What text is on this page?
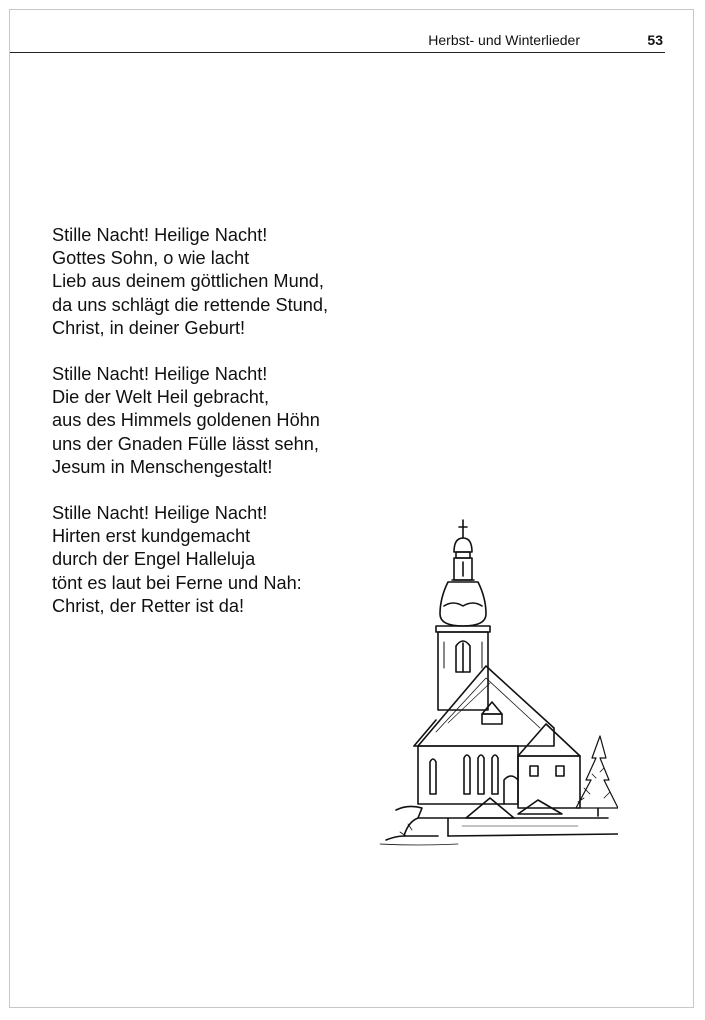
Herbst- und Winterlieder	53
Stille Nacht! Heilige Nacht!
Gottes Sohn, o wie lacht
Lieb aus deinem göttlichen Mund,
da uns schlägt die rettende Stund,
Christ, in deiner Geburt!
Stille Nacht! Heilige Nacht!
Die der Welt Heil gebracht,
aus des Himmels goldenen Höhn
uns der Gnaden Fülle lässt sehn,
Jesum in Menschengestalt!
Stille Nacht! Heilige Nacht!
Hirten erst kundgemacht
durch der Engel Halleluja
tönt es laut bei Ferne und Nah:
Christ, der Retter ist da!
